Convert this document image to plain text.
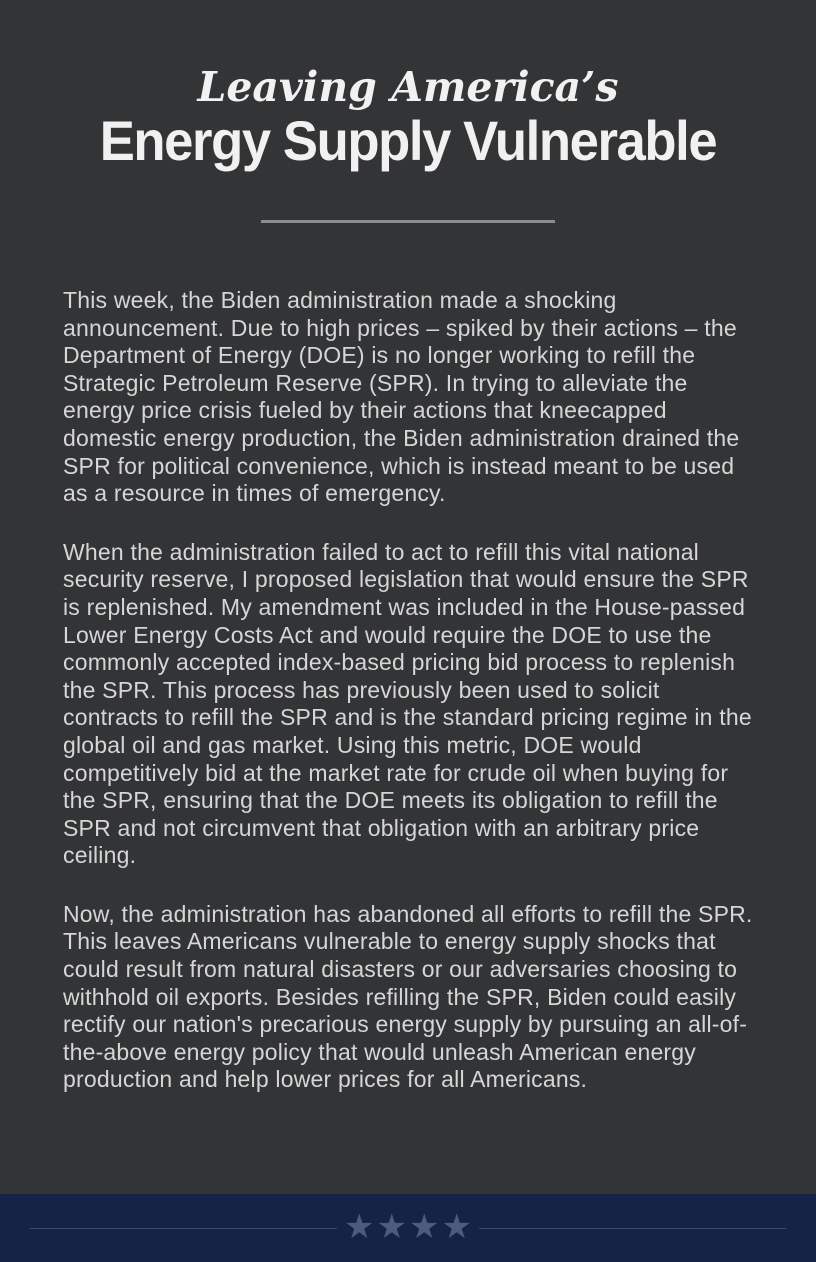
Leaving America’s
Energy Supply Vulnerable

This week, the Biden administration made a shocking announcement. Due to high prices – spiked by their actions – the Department of Energy (DOE) is no longer working to refill the Strategic Petroleum Reserve (SPR). In trying to alleviate the energy price crisis fueled by their actions that kneecapped domestic energy production, the Biden administration drained the SPR for political convenience, which is instead meant to be used as a resource in times of emergency.

When the administration failed to act to refill this vital national security reserve, I proposed legislation that would ensure the SPR is replenished. My amendment was included in the House-passed Lower Energy Costs Act and would require the DOE to use the commonly accepted index-based pricing bid process to replenish the SPR. This process has previously been used to solicit contracts to refill the SPR and is the standard pricing regime in the global oil and gas market. Using this metric, DOE would competitively bid at the market rate for crude oil when buying for the SPR, ensuring that the DOE meets its obligation to refill the SPR and not circumvent that obligation with an arbitrary price ceiling.

Now, the administration has abandoned all efforts to refill the SPR. This leaves Americans vulnerable to energy supply shocks that could result from natural disasters or our adversaries choosing to withhold oil exports. Besides refilling the SPR, Biden could easily rectify our nation's precarious energy supply by pursuing an all-of-the-above energy policy that would unleash American energy production and help lower prices for all Americans.

★ ★ ★ ★
